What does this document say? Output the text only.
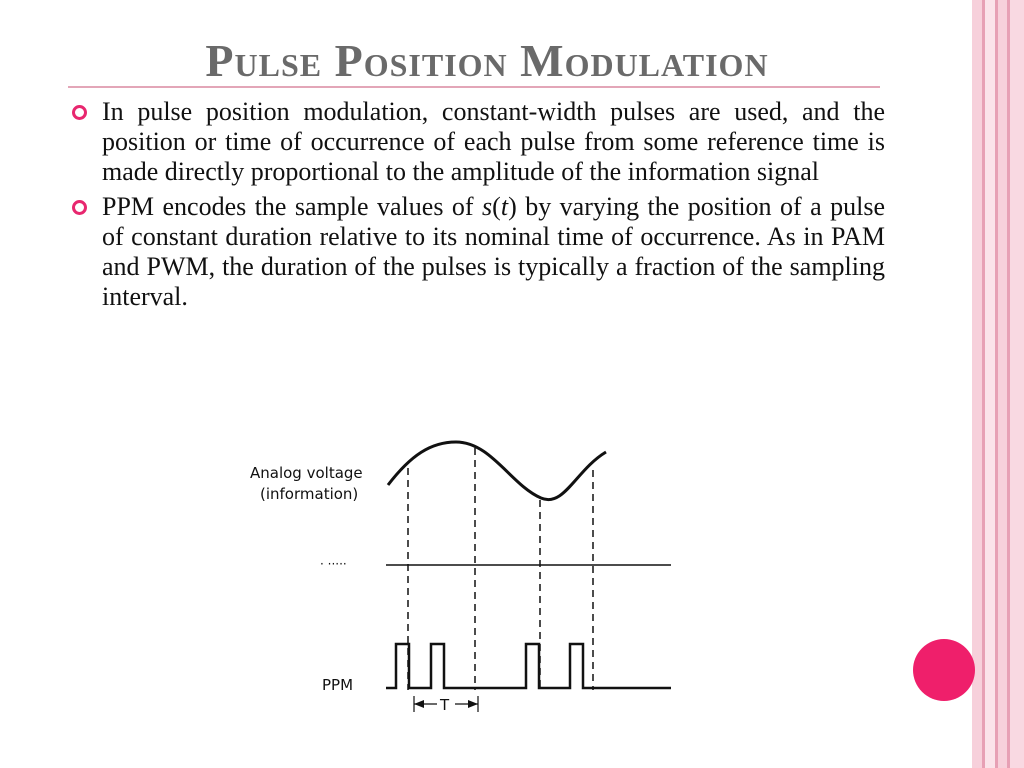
Pulse Position Modulation
In pulse position modulation, constant-width pulses are used, and the position or time of occurrence of each pulse from some reference time is made directly proportional to the amplitude of the information signal
PPM encodes the sample values of s(t) by varying the position of a pulse of constant duration relative to its nominal time of occurrence. As in PAM and PWM, the duration of the pulses is typically a fraction of the sampling interval.
Analog voltage
(information)
· ·····
PPM
T
